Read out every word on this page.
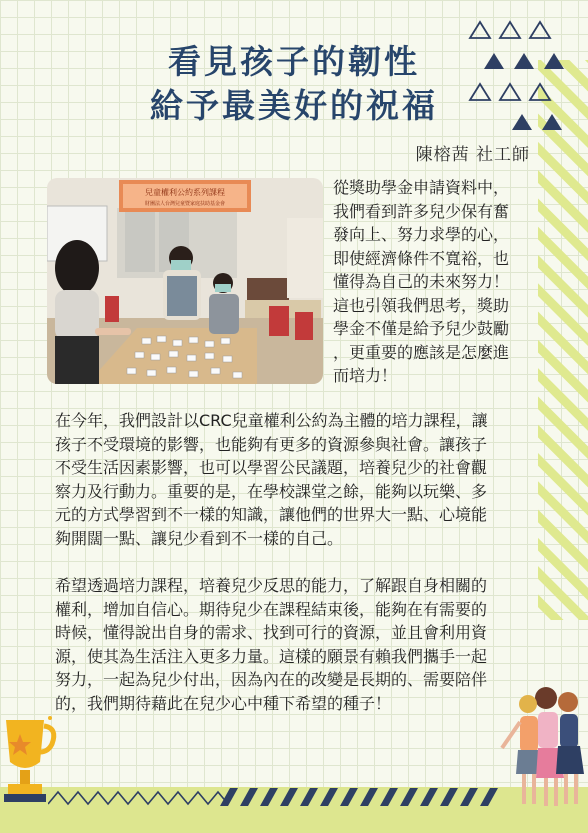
看見孩子的韌性
給予最美好的祝福
陳榕茜 社工師
兒童權利公約系列課程
財團法人台灣兒童暨家庭扶助基金會
從獎助學金申請資料中，
我們看到許多兒少保有奮
發向上、努力求學的心，
即使經濟條件不寬裕，也
懂得為自己的未來努力！
這也引領我們思考，獎助
學金不僅是給予兒少鼓勵
，更重要的應該是怎麼進
而培力！
在今年，我們設計以CRC兒童權利公約為主體的培力課程，讓
孩子不受環境的影響，也能夠有更多的資源參與社會。讓孩子
不受生活因素影響，也可以學習公民議題，培養兒少的社會觀
察力及行動力。重要的是，在學校課堂之餘，能夠以玩樂、多
元的方式學習到不一樣的知識，讓他們的世界大一點、心境能
夠開闊一點、讓兒少看到不一樣的自己。
希望透過培力課程，培養兒少反思的能力，了解跟自身相關的
權利，增加自信心。期待兒少在課程結束後，能夠在有需要的
時候，懂得說出自身的需求、找到可行的資源，並且會利用資
源，使其為生活注入更多力量。這樣的願景有賴我們攜手一起
努力，一起為兒少付出，因為內在的改變是長期的、需要陪伴
的，我們期待藉此在兒少心中種下希望的種子！
